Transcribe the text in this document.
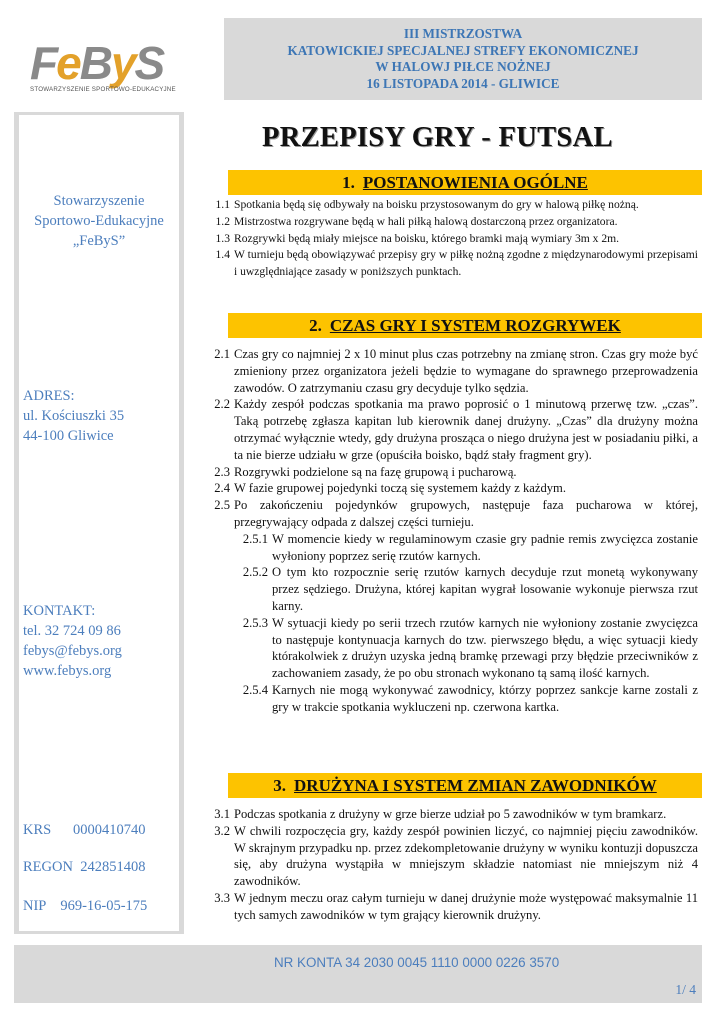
FeByS
STOWARZYSZENIE SPORTOWO-EDUKACYJNE
III MISTRZOSTWA
KATOWICKIEJ SPECJALNEJ STREFY EKONOMICZNEJ
W HALOWJ PIŁCE NOŻNEJ
16 LISTOPADA 2014 - GLIWICE
Stowarzyszenie
Sportowo-Edukacyjne
„FeByS”
ADRES:
ul. Kościuszki 35
44-100 Gliwice
KONTAKT:
tel. 32 724 09 86
febys@febys.org
www.febys.org
KRS      0000410740
REGON  242851408
NIP    969-16-05-175
PRZEPISY GRY - FUTSAL
1. POSTANOWIENIA OGÓLNE
1.1 Spotkania będą się odbywały na boisku przystosowanym do gry w halową piłkę nożną.
1.2 Mistrzostwa rozgrywane będą w hali piłką halową dostarczoną przez organizatora.
1.3 Rozgrywki będą miały miejsce na boisku, którego bramki mają wymiary 3m x 2m.
1.4 W turnieju będą obowiązywać przepisy gry w piłkę nożną zgodne z międzynarodowymi przepisami i uwzględniające zasady w poniższych punktach.
2. CZAS GRY I SYSTEM ROZGRYWEK
2.1 Czas gry co najmniej 2 x 10 minut plus czas potrzebny na zmianę stron. Czas gry może być zmieniony przez organizatora jeżeli będzie to wymagane do sprawnego przeprowadzenia zawodów. O zatrzymaniu czasu gry decyduje tylko sędzia.
2.2 Każdy zespół podczas spotkania ma prawo poprosić o 1 minutową przerwę tzw. „czas”. Taką potrzebę zgłasza kapitan lub kierownik danej drużyny. „Czas” dla drużyny można otrzymać wyłącznie wtedy, gdy drużyna prosząca o niego drużyna jest w posiadaniu piłki, a ta nie bierze udziału w grze (opuściła boisko, bądź stały fragment gry).
2.3 Rozgrywki podzielone są na fazę grupową i pucharową.
2.4 W fazie grupowej pojedynki toczą się systemem każdy z każdym.
2.5 Po zakończeniu pojedynków grupowych, następuje faza pucharowa w której, przegrywający odpada z dalszej części turnieju.
2.5.1 W momencie kiedy w regulaminowym czasie gry padnie remis zwycięzca zostanie wyłoniony poprzez serię rzutów karnych.
2.5.2 O tym kto rozpocznie serię rzutów karnych decyduje rzut monetą wykonywany przez sędziego. Drużyna, której kapitan wygrał losowanie wykonuje pierwsza rzut karny.
2.5.3 W sytuacji kiedy po serii trzech rzutów karnych nie wyłoniony zostanie zwycięzca to następuje kontynuacja karnych do tzw. pierwszego błędu, a więc sytuacji kiedy którakolwiek z drużyn uzyska jedną bramkę przewagi przy błędzie przeciwników z zachowaniem zasady, że po obu stronach wykonano tą samą ilość karnych.
2.5.4 Karnych nie mogą wykonywać zawodnicy, którzy poprzez sankcje karne zostali z gry w trakcie spotkania wykluczeni np. czerwona kartka.
3. DRUŻYNA I SYSTEM ZMIAN ZAWODNIKÓW
3.1 Podczas spotkania z drużyny w grze bierze udział po 5 zawodników w tym bramkarz.
3.2 W chwili rozpoczęcia gry, każdy zespół powinien liczyć, co najmniej pięciu zawodników. W skrajnym przypadku np. przez zdekompletowanie drużyny w wyniku kontuzji dopuszcza się, aby drużyna wystąpiła w mniejszym składzie natomiast nie mniejszym niż 4 zawodników.
3.3 W jednym meczu oraz całym turnieju w danej drużynie może występować maksymalnie 11 tych samych zawodników w tym grający kierownik drużyny.
NR KONTA 34 2030 0045 1110 0000 0226 3570
1/ 4
